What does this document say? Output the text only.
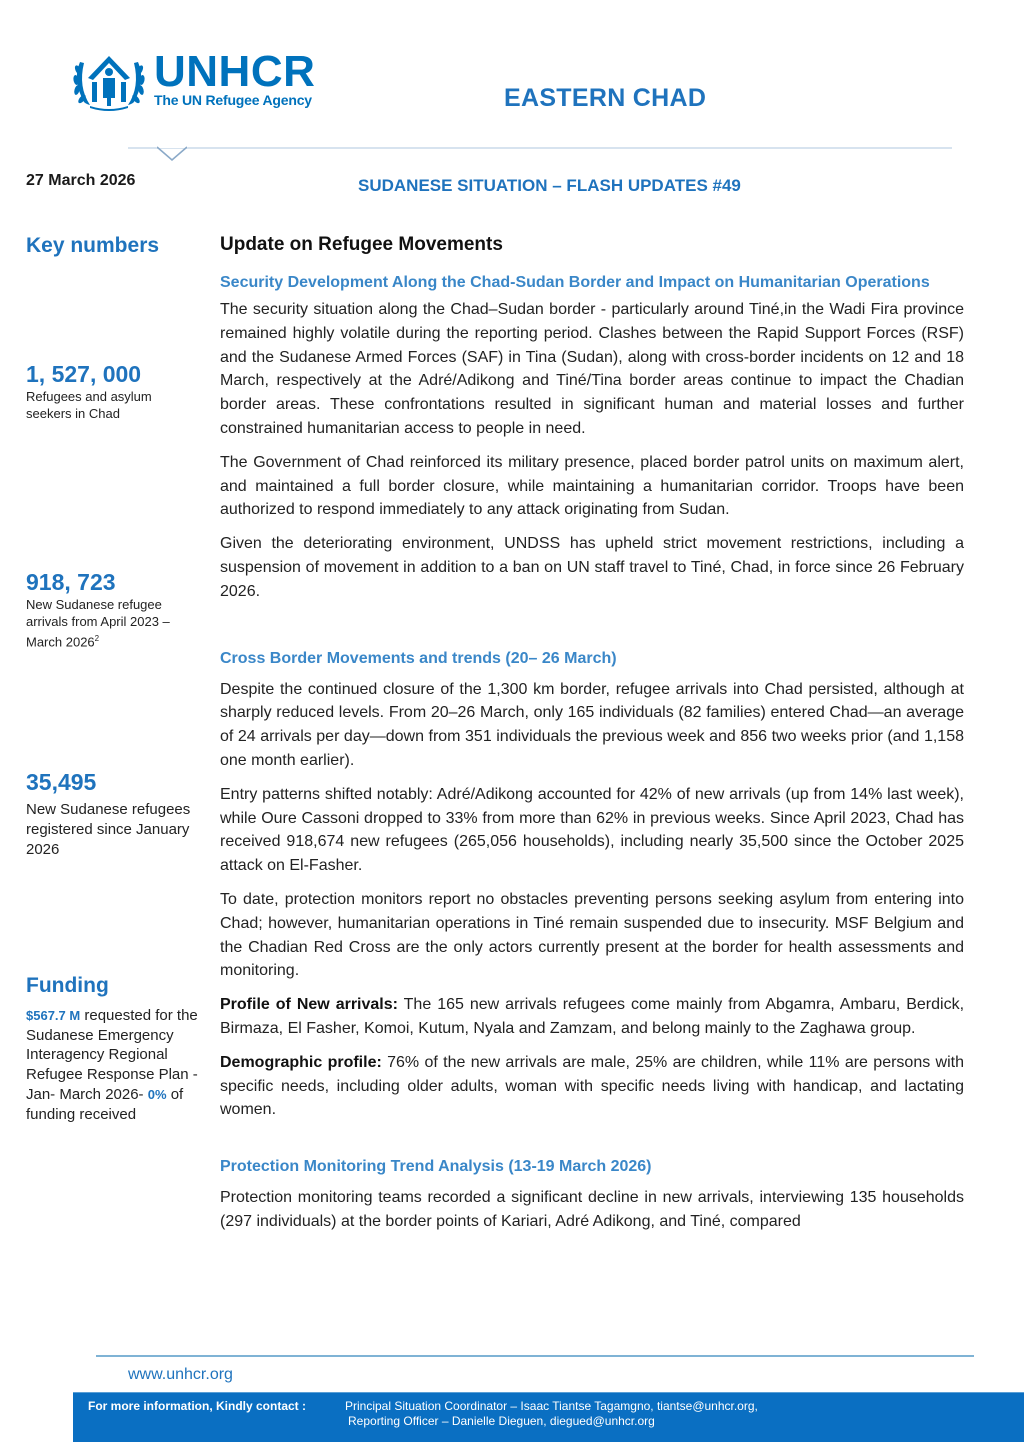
UNHCR
The UN Refugee Agency	EASTERN CHAD
27 March 2026	SUDANESE SITUATION – FLASH UPDATES #49
Key numbers
1, 527, 000
Refugees and asylum seekers in Chad
918, 723
New Sudanese refugee arrivals from April 2023 – March 2026$^2$
35,495
New Sudanese refugees registered since January 2026
Funding
$567.7 M requested for the Sudanese Emergency Interagency Regional Refugee Response Plan - Jan- March 2026- 0% of funding received
Update on Refugee Movements
Security Development Along the Chad-Sudan Border and Impact on Humanitarian Operations

The security situation along the Chad–Sudan border - particularly around Tiné,in the Wadi Fira province remained highly volatile during the reporting period. Clashes between the Rapid Support Forces (RSF) and the Sudanese Armed Forces (SAF) in Tina (Sudan), along with cross-border incidents on 12 and 18 March, respectively at the Adré/Adikong and Tiné/Tina border areas continue to impact the Chadian border areas. These confrontations resulted in significant human and material losses and further constrained humanitarian access to people in need.

The Government of Chad reinforced its military presence, placed border patrol units on maximum alert, and maintained a full border closure, while maintaining a humanitarian corridor. Troops have been authorized to respond immediately to any attack originating from Sudan.

Given the deteriorating environment, UNDSS has upheld strict movement restrictions, including a suspension of movement in addition to a ban on UN staff travel to Tiné, Chad, in force since 26 February 2026.

Cross Border Movements and trends (20– 26 March)

Despite the continued closure of the 1,300 km border, refugee arrivals into Chad persisted, although at sharply reduced levels. From 20–26 March, only 165 individuals (82 families) entered Chad—an average of 24 arrivals per day—down from 351 individuals the previous week and 856 two weeks prior (and 1,158 one month earlier).

Entry patterns shifted notably: Adré/Adikong accounted for 42% of new arrivals (up from 14% last week), while Oure Cassoni dropped to 33% from more than 62% in previous weeks. Since April 2023, Chad has received 918,674 new refugees (265,056 households), including nearly 35,500 since the October 2025 attack on El-Fasher.

To date, protection monitors report no obstacles preventing persons seeking asylum from entering into Chad; however, humanitarian operations in Tiné remain suspended due to insecurity. MSF Belgium and the Chadian Red Cross are the only actors currently present at the border for health assessments and monitoring.

Profile of New arrivals: The 165 new arrivals refugees come mainly from Abgamra, Ambaru, Berdick, Birmaza, El Fasher, Komoi, Kutum, Nyala and Zamzam, and belong mainly to the Zaghawa group.

Demographic profile: 76% of the new arrivals are male, 25% are children, while 11% are persons with specific needs, including older adults, woman with specific needs living with handicap, and lactating women.

Protection Monitoring Trend Analysis (13-19 March 2026)

Protection monitoring teams recorded a significant decline in new arrivals, interviewing 135 households (297 individuals) at the border points of Kariari, Adré Adikong, and Tiné, compared

www.unhcr.org
For more information, Kindly contact :	Principal Situation Coordinator – Isaac Tiantse Tagamgno, tiantse@unhcr.org,
Reporting Officer – Danielle Dieguen, diegued@unhcr.org
